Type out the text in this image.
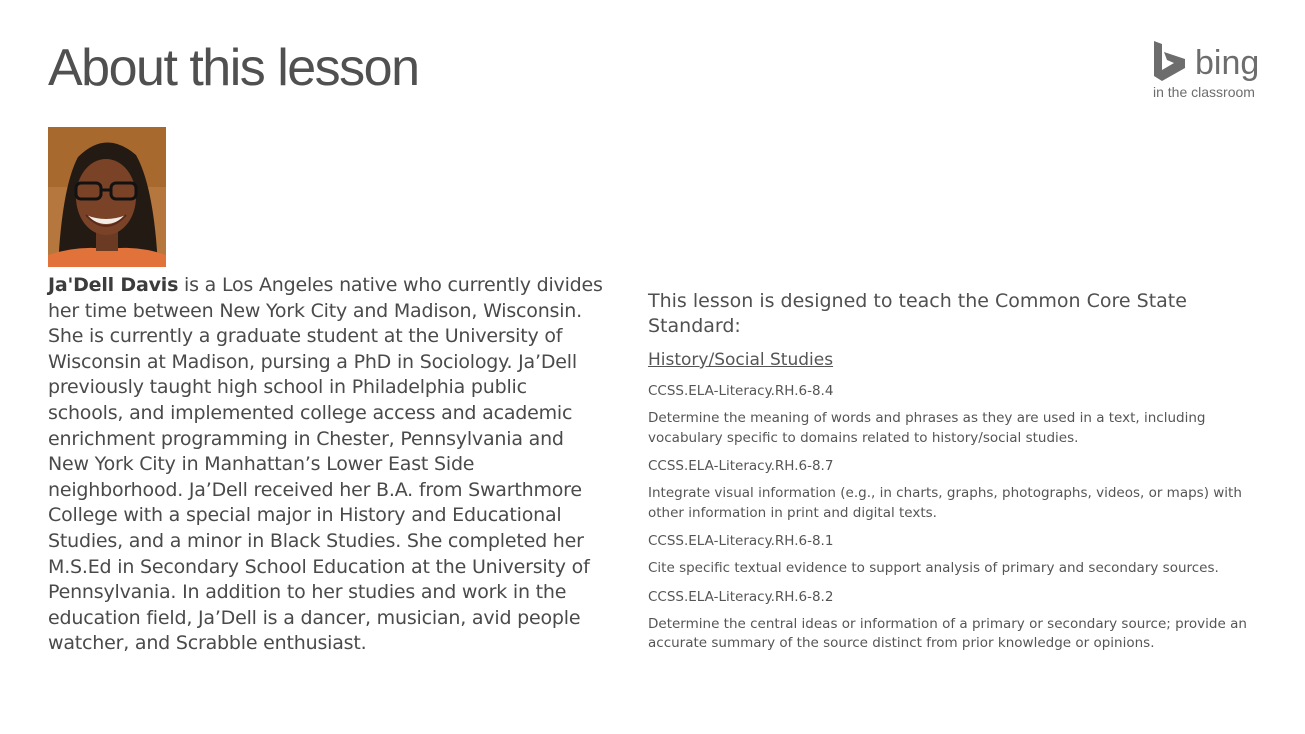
About this lesson	bing
in the classroom

Ja'Dell Davis is a Los Angeles native who currently divides her time between New York City and Madison, Wisconsin. She is currently a graduate student at the University of Wisconsin at Madison, pursing a PhD in Sociology. Ja’Dell previously taught high school in Philadelphia public schools, and implemented college access and academic enrichment programming in Chester, Pennsylvania and New York City in Manhattan’s Lower East Side neighborhood. Ja’Dell received her B.A. from Swarthmore College with a special major in History and Educational Studies, and a minor in Black Studies. She completed her M.S.Ed in Secondary School Education at the University of Pennsylvania. In addition to her studies and work in the education field, Ja’Dell is a dancer, musician, avid people watcher, and Scrabble enthusiast.

This lesson is designed to teach the Common Core State Standard:

History/Social Studies

CCSS.ELA-Literacy.RH.6-8.4

Determine the meaning of words and phrases as they are used in a text, including vocabulary specific to domains related to history/social studies.

CCSS.ELA-Literacy.RH.6-8.7

Integrate visual information (e.g., in charts, graphs, photographs, videos, or maps) with other information in print and digital texts.

CCSS.ELA-Literacy.RH.6-8.1

Cite specific textual evidence to support analysis of primary and secondary sources.

CCSS.ELA-Literacy.RH.6-8.2

Determine the central ideas or information of a primary or secondary source; provide an accurate summary of the source distinct from prior knowledge or opinions.
